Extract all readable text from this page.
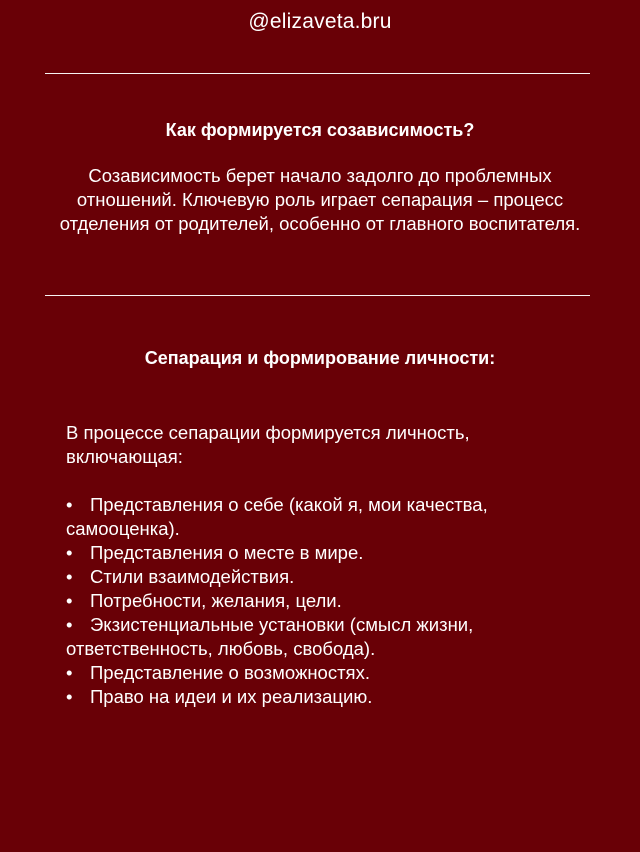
@elizaveta.bru
Как формируется созависимость?
Созависимость берет начало задолго до проблемных отношений. Ключевую роль играет сепарация – процесс отделения от родителей, особенно от главного воспитателя.
Сепарация и формирование личности:
В процессе сепарации формируется личность, включающая:
• Представления о себе (какой я, мои качества, самооценка).
• Представления о месте в мире.
• Стили взаимодействия.
• Потребности, желания, цели.
• Экзистенциальные установки (смысл жизни, ответственность, любовь, свобода).
• Представление о возможностях.
• Право на идеи и их реализацию.
